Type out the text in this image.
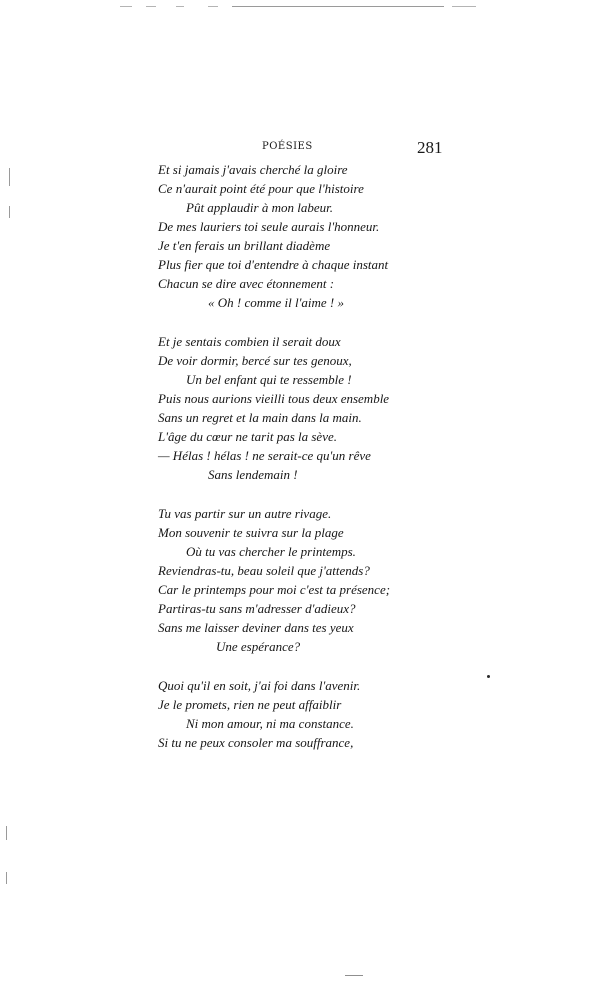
POÉSIES	281
Et si jamais j'avais cherché la gloire
Ce n'aurait point été pour que l'histoire
Pût applaudir à mon labeur.
De mes lauriers toi seule aurais l'honneur.
Je t'en ferais un brillant diadème
Plus fier que toi d'entendre à chaque instant
Chacun se dire avec étonnement :
« Oh ! comme il l'aime ! »
Et je sentais combien il serait doux
De voir dormir, bercé sur tes genoux,
Un bel enfant qui te ressemble !
Puis nous aurions vieilli tous deux ensemble
Sans un regret et la main dans la main.
L'âge du cœur ne tarit pas la sève.
— Hélas ! hélas ! ne serait-ce qu'un rêve
Sans lendemain !
Tu vas partir sur un autre rivage.
Mon souvenir te suivra sur la plage
Où tu vas chercher le printemps.
Reviendras-tu, beau soleil que j'attends?
Car le printemps pour moi c'est ta présence;
Partiras-tu sans m'adresser d'adieux?
Sans me laisser deviner dans tes yeux
Une espérance?
Quoi qu'il en soit, j'ai foi dans l'avenir.
Je le promets, rien ne peut affaiblir
Ni mon amour, ni ma constance.
Si tu ne peux consoler ma souffrance,
